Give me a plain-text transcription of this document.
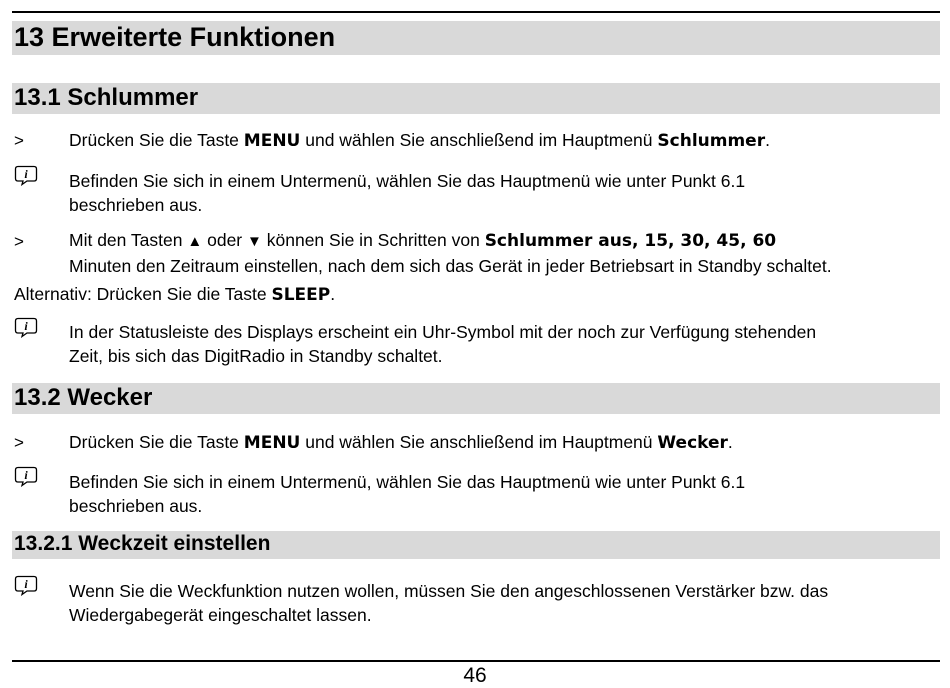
13 Erweiterte Funktionen
13.1 Schlummer
>	Drücken Sie die Taste MENU und wählen Sie anschließend im Hauptmenü Schlummer.
i Befinden Sie sich in einem Untermenü, wählen Sie das Hauptmenü wie unter Punkt 6.1
beschrieben aus.
>	Mit den Tasten ▲ oder ▼ können Sie in Schritten von Schlummer aus, 15, 30, 45, 60
Minuten den Zeitraum einstellen, nach dem sich das Gerät in jeder Betriebsart in Standby schaltet.
Alternativ: Drücken Sie die Taste SLEEP.
i In der Statusleiste des Displays erscheint ein Uhr-Symbol mit der noch zur Verfügung stehenden
Zeit, bis sich das DigitRadio in Standby schaltet.
13.2 Wecker
>	Drücken Sie die Taste MENU und wählen Sie anschließend im Hauptmenü Wecker.
i Befinden Sie sich in einem Untermenü, wählen Sie das Hauptmenü wie unter Punkt 6.1
beschrieben aus.
13.2.1 Weckzeit einstellen
i Wenn Sie die Weckfunktion nutzen wollen, müssen Sie den angeschlossenen Verstärker bzw. das
Wiedergabegerät eingeschaltet lassen.
46
